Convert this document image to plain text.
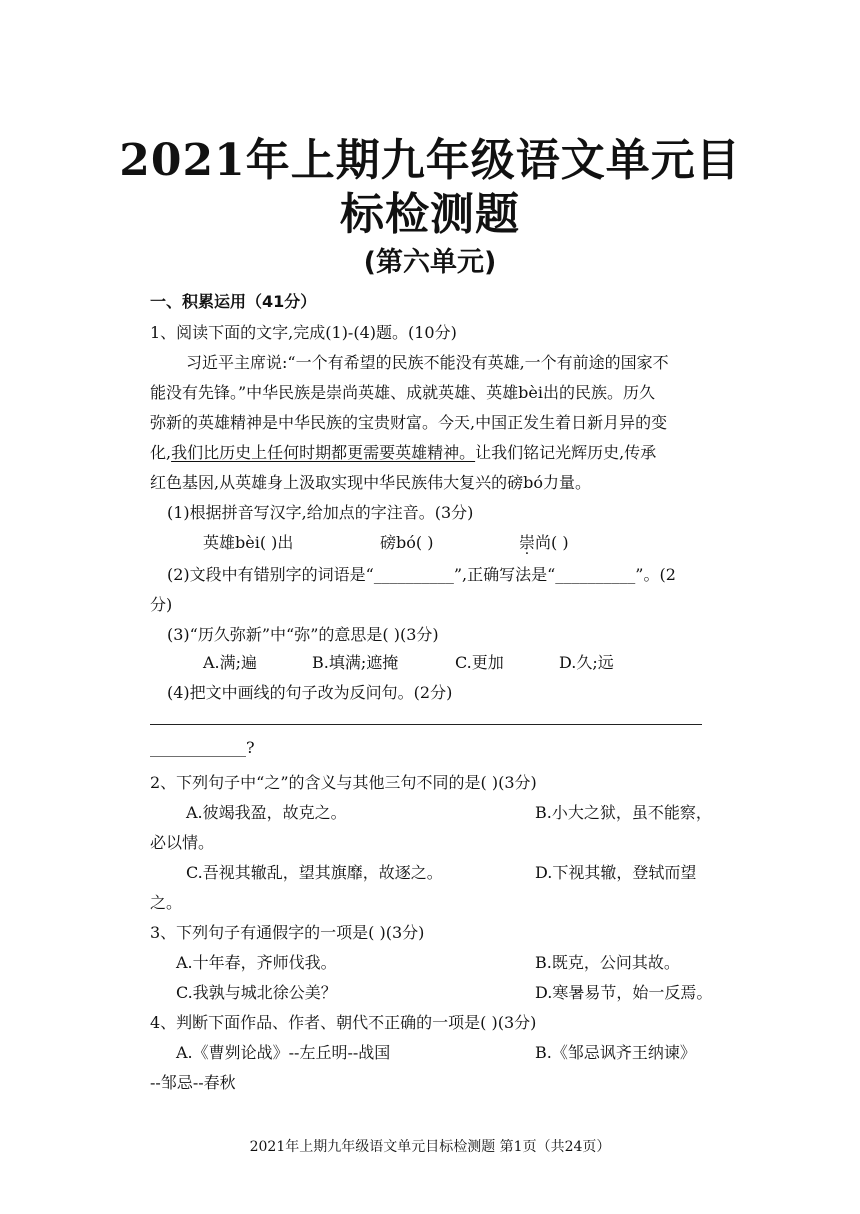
2021年上期九年级语文单元目
标检测题
(第六单元)
一、积累运用（41分）
1、阅读下面的文字,完成(1)-(4)题。(10分)
习近平主席说:“一个有希望的民族不能没有英雄,一个有前途的国家不
能没有先锋。”中华民族是崇尚英雄、成就英雄、英雄bèi出的民族。历久
弥新的英雄精神是中华民族的宝贵财富。今天,中国正发生着日新月异的变
化,我们比历史上任何时期都更需要英雄精神。让我们铭记光辉历史,传承
红色基因,从英雄身上汲取实现中华民族伟大复兴的磅bó力量。
(1)根据拼音写汉字,给加点的字注音。(3分)
英雄bèi( )出	磅bó( )	崇尚( )
(2)文段中有错别字的词语是“__________”,正确写法是“__________”。(2
分)
(3)“历久弥新”中“弥”的意思是( )(3分)
A.满;遍	B.填满;遮掩	C.更加	D.久;远
(4)把文中画线的句子改为反问句。(2分)
____________?
2、下列句子中“之”的含义与其他三句不同的是( )(3分)
A.彼竭我盈，故克之。	B.小大之狱，虽不能察，
必以情。
C.吾视其辙乱，望其旗靡，故逐之。	D.下视其辙，登轼而望
之。
3、下列句子有通假字的一项是( )(3分)
A.十年春，齐师伐我。	B.既克，公问其故。
C.我孰与城北徐公美？	D.寒暑易节，始一反焉。
4、判断下面作品、作者、朝代不正确的一项是( )(3分)
A.《曹刿论战》--左丘明--战国	B.《邹忌讽齐王纳谏》
--邹忌--春秋
2021年上期九年级语文单元目标检测题 第1页（共24页）
